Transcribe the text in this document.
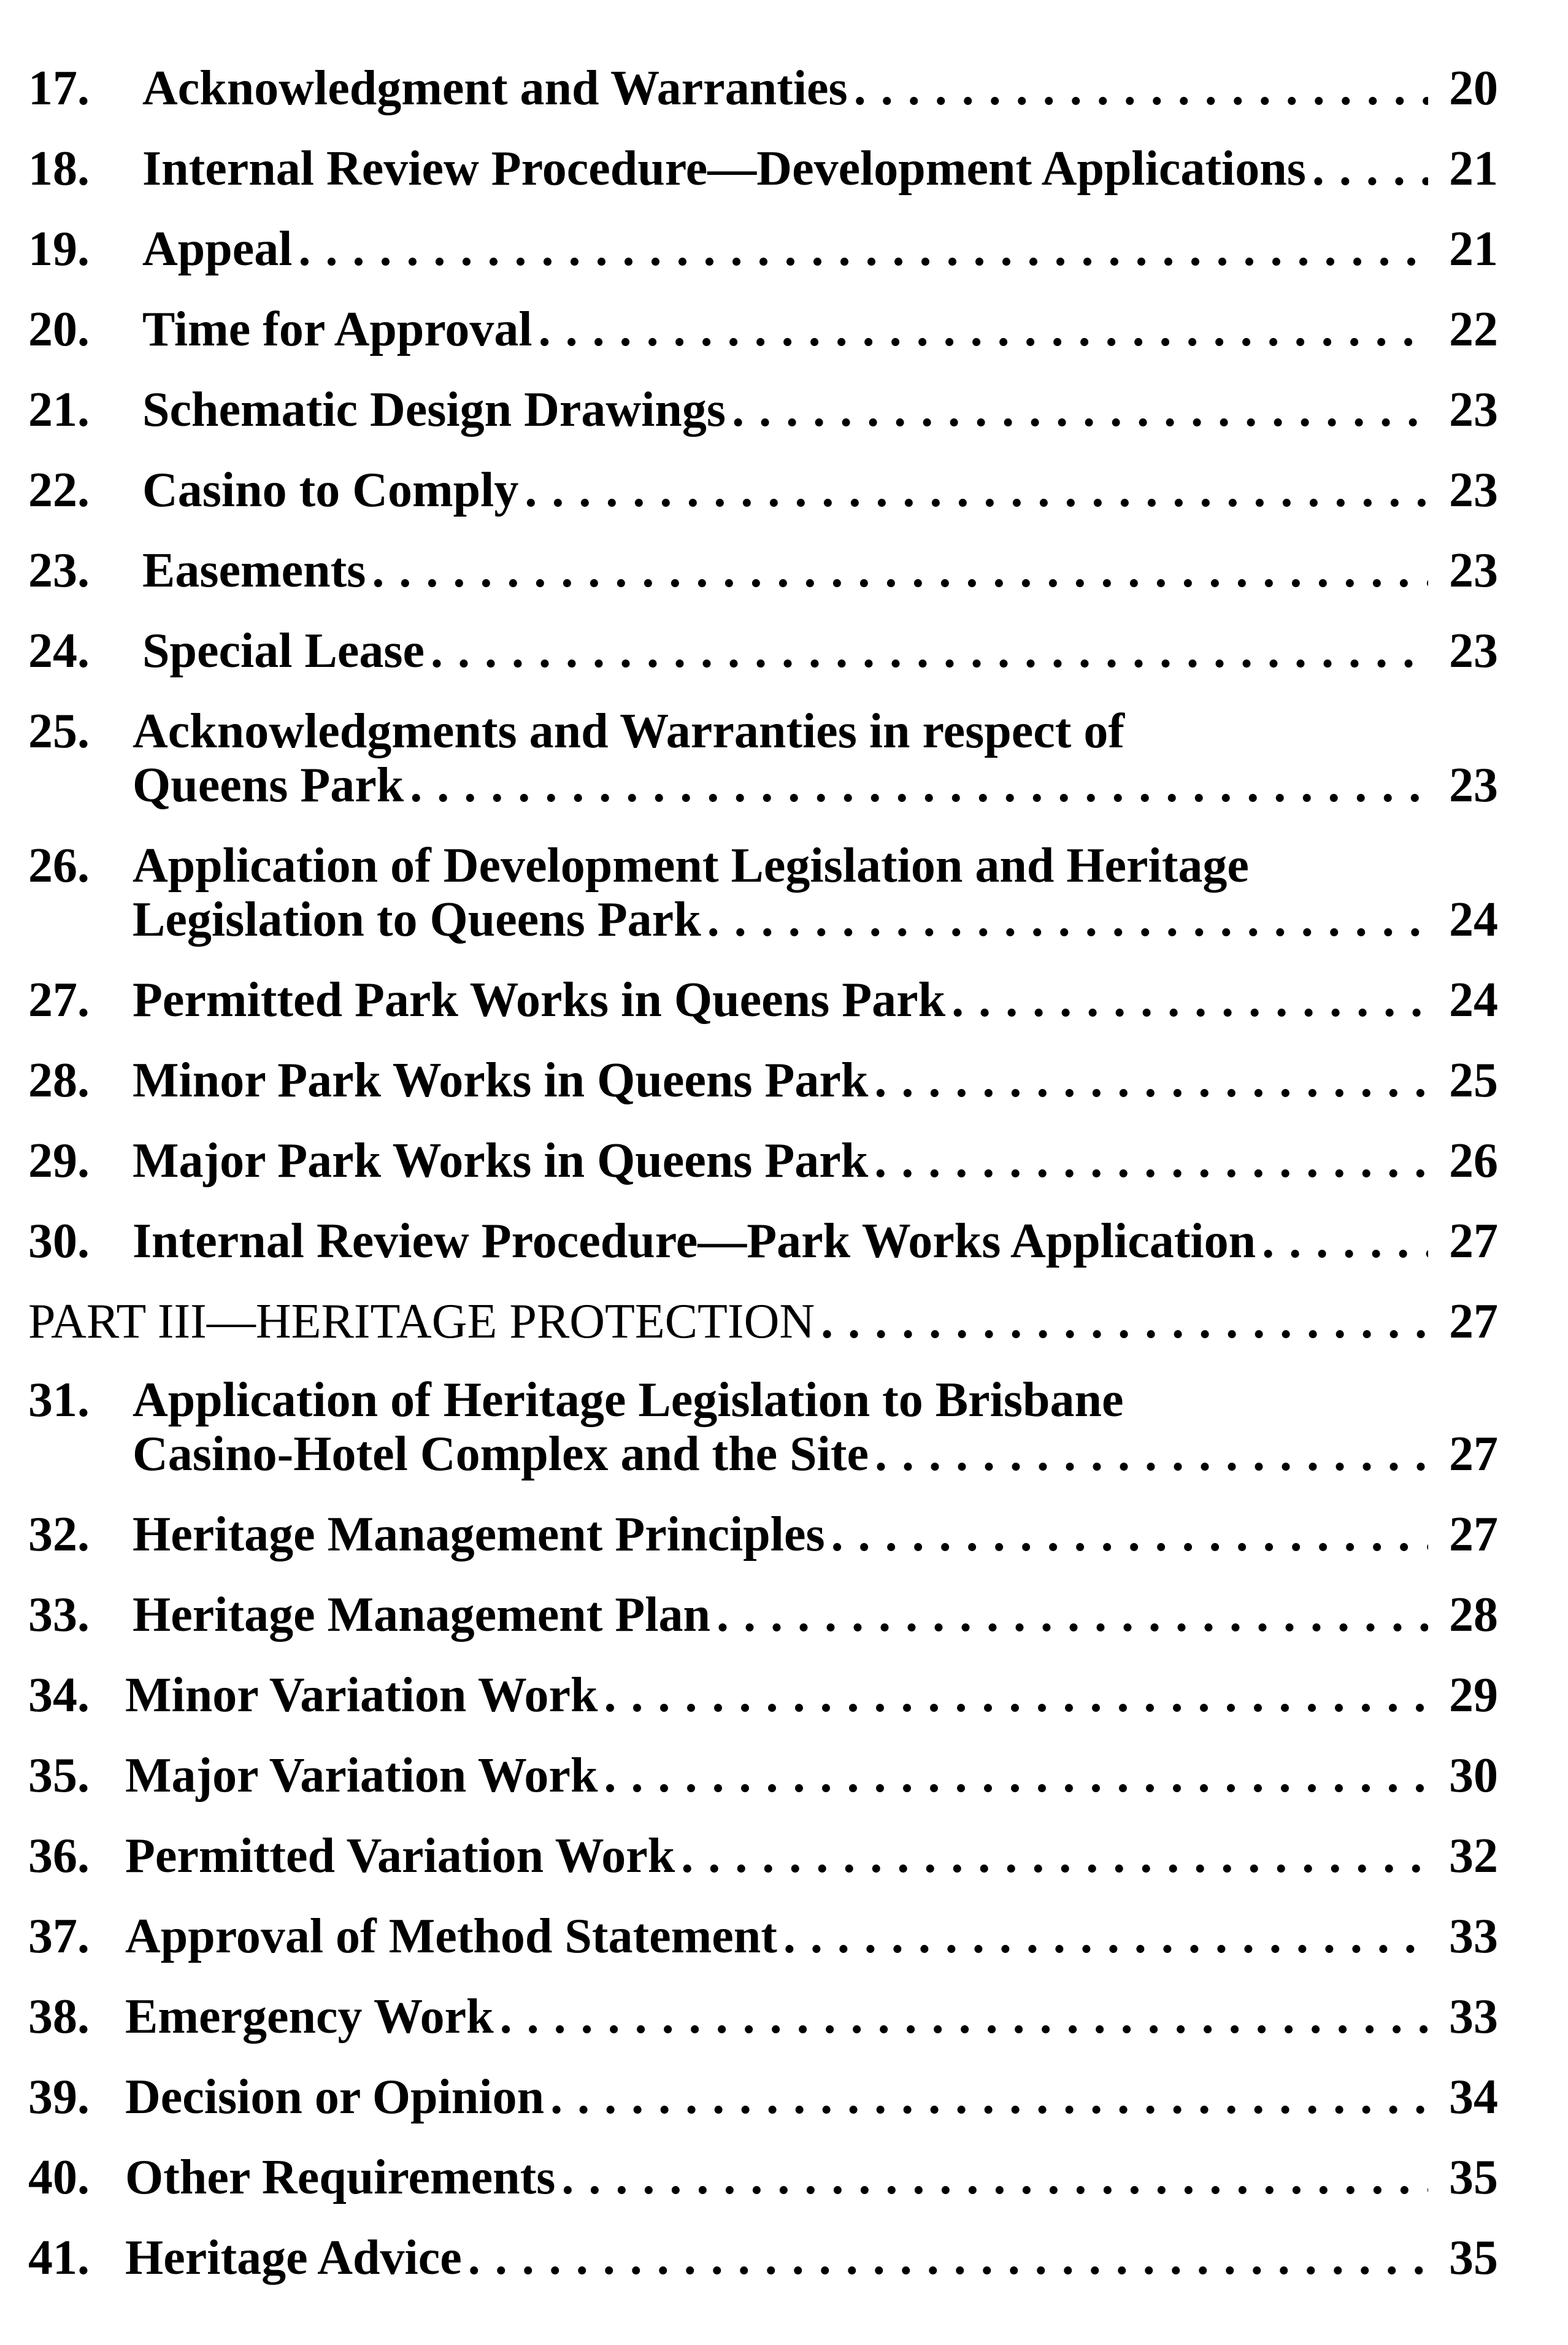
17.	Acknowledgment and Warranties . . .	20
18.	Internal Review Procedure—Development Applications . . .	21
19.	Appeal . . .	21
20.	Time for Approval . . .	22
21.	Schematic Design Drawings . . .	23
22.	Casino to Comply . . .	23
23.	Easements . . .	23
24.	Special Lease . . .	23
25. Acknowledgments and Warranties in respect of
Queens Park . . .	23
26. Application of Development Legislation and Heritage
Legislation to Queens Park . . .	24
27. Permitted Park Works in Queens Park . . .	24
28. Minor Park Works in Queens Park . . .	25
29. Major Park Works in Queens Park . . .	26
30. Internal Review Procedure—Park Works Application . . .	27
PART III—HERITAGE PROTECTION . . .	27
31. Application of Heritage Legislation to Brisbane
Casino-Hotel Complex and the Site . . .	27
32. Heritage Management Principles . . .	27
33. Heritage Management Plan . . .	28
34. Minor Variation Work . . .	29
35. Major Variation Work . . .	30
36. Permitted Variation Work . . .	32
37. Approval of Method Statement . . .	33
38. Emergency Work . . .	33
39. Decision or Opinion . . .	34
40. Other Requirements . . .	35
41. Heritage Advice . . .	35
